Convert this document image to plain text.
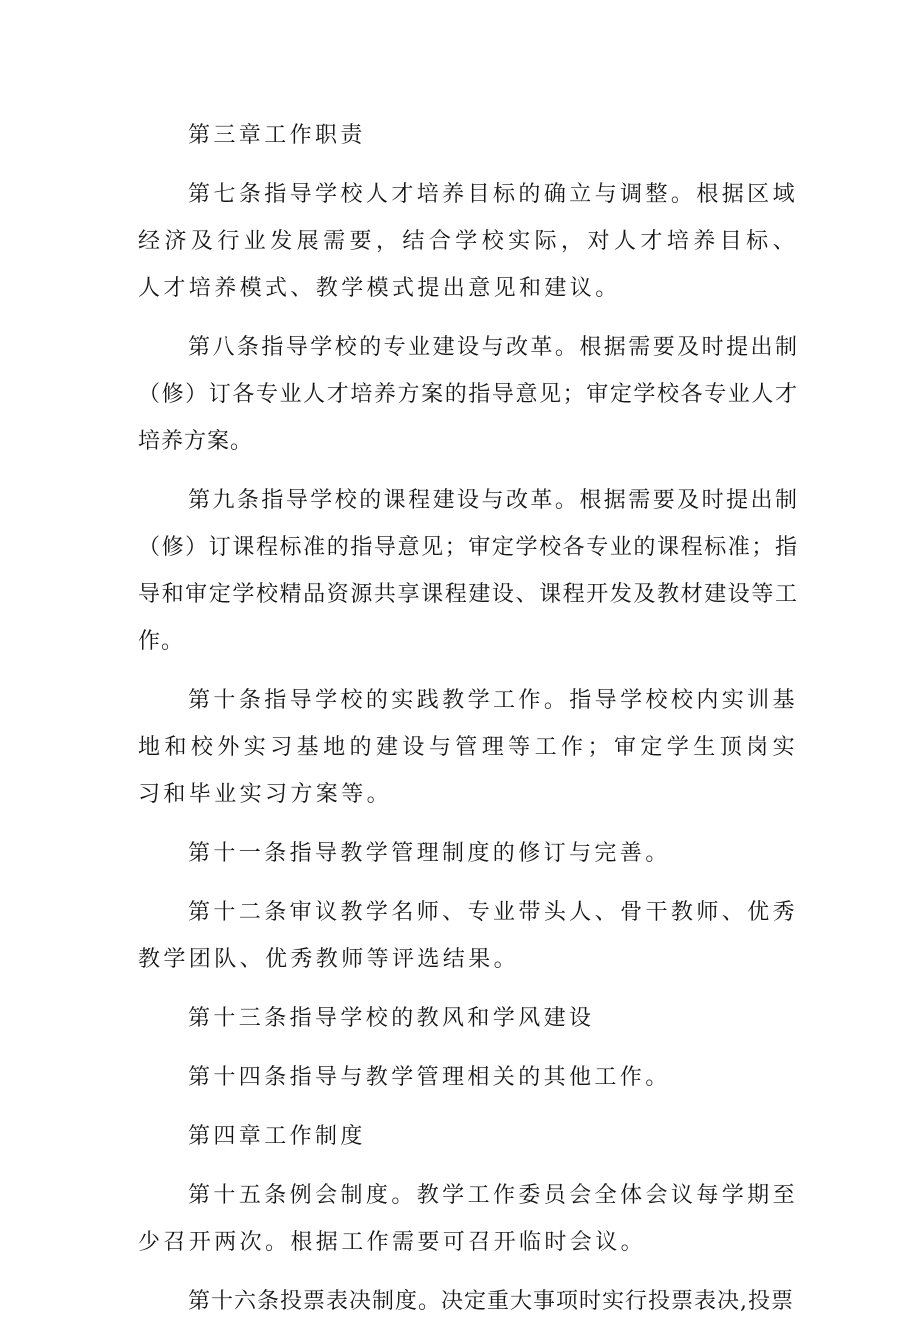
第三章工作职责

第七条指导学校人才培养目标的确立与调整。根据区域经济及行业发展需要，结合学校实际，对人才培养目标、人才培养模式、教学模式提出意见和建议。

第八条指导学校的专业建设与改革。根据需要及时提出制（修）订各专业人才培养方案的指导意见；审定学校各专业人才培养方案。

第九条指导学校的课程建设与改革。根据需要及时提出制（修）订课程标准的指导意见；审定学校各专业的课程标准；指导和审定学校精品资源共享课程建设、课程开发及教材建设等工作。

第十条指导学校的实践教学工作。指导学校校内实训基地和校外实习基地的建设与管理等工作；审定学生顶岗实习和毕业实习方案等。

第十一条指导教学管理制度的修订与完善。

第十二条审议教学名师、专业带头人、骨干教师、优秀教学团队、优秀教师等评选结果。

第十三条指导学校的教风和学风建设

第十四条指导与教学管理相关的其他工作。

第四章工作制度

第十五条例会制度。教学工作委员会全体会议每学期至少召开两次。根据工作需要可召开临时会议。

第十六条投票表决制度。决定重大事项时实行投票表决,投票
